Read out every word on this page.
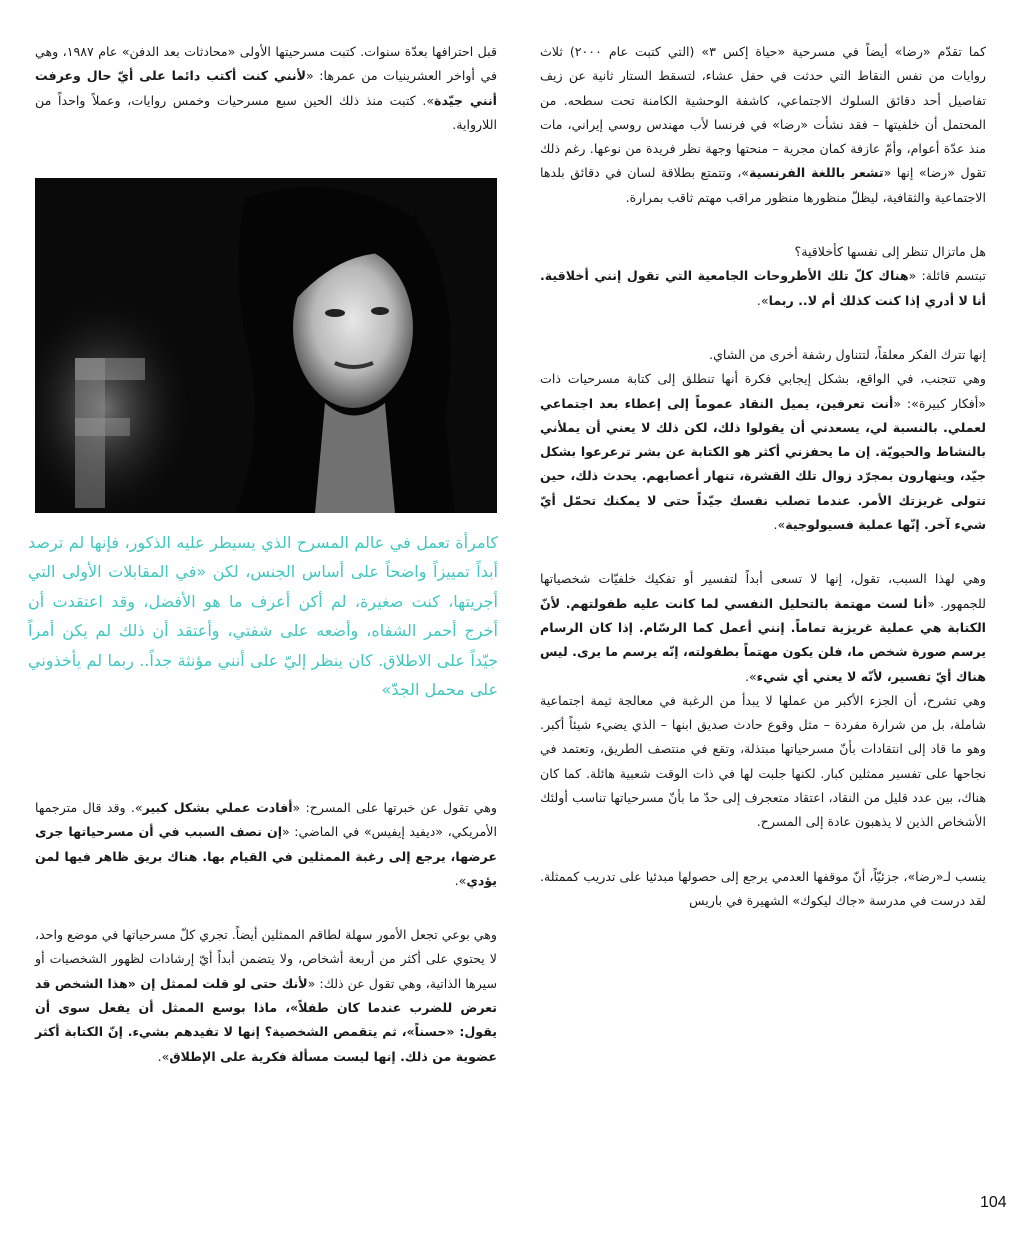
كما تقدّم «رضا» أيضاً في مسرحية «حياة إكس ٣» (التي كتبت عام ٢٠٠٠) ثلاث روايات من نفس النقاط التي حدثت في حفل عشاء، لتسقط الستار ثانية عن زيف تفاصيل أحد دقائق السلوك الاجتماعي، كاشفة الوحشية الكامنة تحت سطحه. من المحتمل أن خلفيتها – فقد نشأت «رضا» في فرنسا لأب مهندس روسي إيراني، مات منذ عدّة أعوام، وأمّ عازفة كمان مجرية – منحتها وجهة نظر فريدة من نوعها. رغم ذلك تقول «رضا» إنها «تشعر باللغة الفرنسية»، وتتمتع بطلاقة لسان في دقائق بلدها الاجتماعية والثقافية، ليظلّ منظورها منظور مراقب مهتم ثاقب بمرارة.

هل ماتزال تنظر إلى نفسها كأخلاقية؟

تبتسم قائلة: «هناك كلّ تلك الأطروحات الجامعية التي تقول إنني أخلاقية. أنا لا أدري إذا كنت كذلك أم لا.. ربما».

إنها تترك الفكر معلقاً، لتتناول رشفة أخرى من الشاي.

وهي تتجنب، في الواقع، بشكل إيجابي فكرة أنها تنطلق إلى كتابة مسرحيات ذات «أفكار كبيرة»: «أنت تعرفين، يميل النقاد عموماً إلى إعطاء بعد اجتماعي لعملي. بالنسبة لي، يسعدني أن يقولوا ذلك، لكن ذلك لا يعني أن يملأني بالنشاط والحيويّة. إن ما يحفزني أكثر هو الكتابة عن بشر ترعرعوا بشكل جيّد، وينهارون بمجرّد زوال تلك القشرة، تنهار أعصابهم. يحدث ذلك، حين تتولى غريزتك الأمر. عندما تصلب نفسك جيّداً حتى لا يمكنك تحمّل أيّ شيء آخر. إنّها عملية فسيولوجية».

وهي لهذا السبب، تقول، إنها لا تسعى أبداً لتفسير أو تفكيك خلفيّات شخصياتها للجمهور. «أنا لست مهتمة بالتحليل النفسي لما كانت عليه طفولتهم. لأنّ الكتابة هي عملية غريزية تماماً. إنني أعمل كما الرسّام. إذا كان الرسام يرسم صورة شخص ما، فلن يكون مهتماً بطفولته، إنّه يرسم ما يرى. ليس هناك أيّ تفسير، لأنّه لا يعني أي شيء».

وهي تشرح، أن الجزء الأكبر من عملها لا يبدأ من الرغبة في معالجة ثيمة اجتماعية شاملة، بل من شرارة مفردة – مثل وقوع حادث صديق ابنها – الذي يضيء شيئاً أكبر. وهو ما قاد إلى انتقادات بأنّ مسرحياتها مبتذلة، وتقع في منتصف الطريق، وتعتمد في نجاحها على تفسير ممثلين كبار. لكنها جلبت لها في ذات الوقت شعبية هائلة. كما كان هناك، بين عدد قليل من النقاد، اعتقاد متعجرف إلى حدّ ما بأنّ مسرحياتها تناسب أولئك الأشخاص الذين لا يذهبون عادة إلى المسرح.

ينسب لـ«رضا»، جزئيّاً، أنّ موقفها العدمي يرجع إلى حصولها مبدئيا على تدريب كممثلة. لقد درست في مدرسة «جاك ليكوك» الشهيرة في باريس

قبل احترافها بعدّة سنوات. كتبت مسرحيتها الأولى «محادثات بعد الدفن» عام ١٩٨٧، وهي في أواخر العشرينيات من عمرها: «لأنني كنت أكتب دائما على أيّ حال وعرفت أنني جيّدة». كتبت منذ ذلك الحين سبع مسرحيات وخمس روايات، وعملاً واحداً من اللارواية.

كامرأة تعمل في عالم المسرح الذي يسيطر عليه الذكور، فإنها لم ترصد أبداً تمييزاً واضحاً على أساس الجنس، لكن «في المقابلات الأولى التي أجريتها، كنت صغيرة، لم أكن أعرف ما هو الأفضل، وقد اعتقدت أن أخرج أحمر الشفاه، وأضعه على شفتي، وأعتقد أن ذلك لم يكن أمراً جيّداً على الاطلاق. كان ينظر إليّ على أنني مؤنثة جداً.. ربما لم يأخذوني على محمل الجدّ»

وهي تقول عن خبرتها على المسرح: «أفادت عملي بشكل كبير». وقد قال مترجمها الأمريكي، «ديفيد إيفيس» في الماضي: «إن نصف السبب في أن مسرحياتها جرى عرضها، يرجع إلى رغبة الممثلين في القيام بها. هناك بريق ظاهر فيها لمن يؤدي».

وهي بوعي تجعل الأمور سهلة لطاقم الممثلين أيضاً. تجري كلّ مسرحياتها في موضع واحد، لا يحتوي على أكثر من أربعة أشخاص، ولا يتضمن أبداً أيّ إرشادات لظهور الشخصيات أو سيرها الذاتية، وهي تقول عن ذلك: «لأنك حتى لو قلت لممثل إن «هذا الشخص قد تعرض للضرب عندما كان طفلاً»، ماذا بوسع الممثل أن يفعل سوى أن يقول: «حسناً»، ثم يتقمص الشخصية؟ إنها لا تفيدهم بشيء. إنّ الكتابة أكثر عضوية من ذلك. إنها ليست مسألة فكرية على الإطلاق».

104
